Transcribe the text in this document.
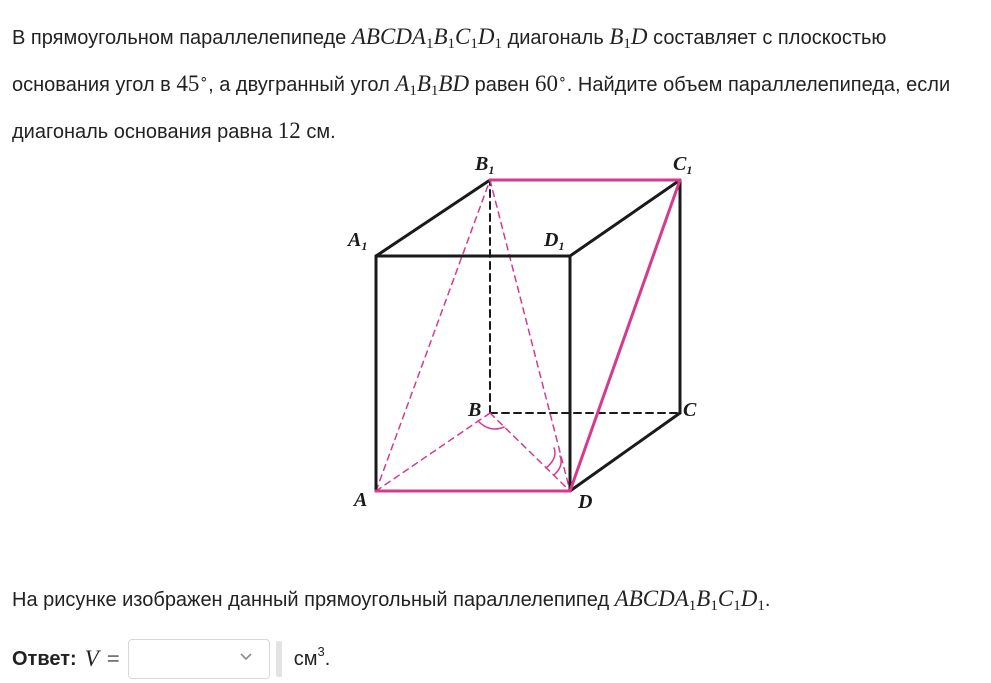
В прямоугольном параллелепипеде $ABCDA_1B_1C_1D_1$ диагональ $B_1D$ составляет с плоскостью основания угол в 45∘, а двугранный угол $A_1B_1BD$ равен 60∘. Найдите объем параллелепипеда, если диагональ основания равна 12 см.
A	D
B	C
$A_1$	$D_1$
$B_1$	$C_1$
На рисунке изображен данный прямоугольный параллелепипед $ABCDA_1B_1C_1D_1$.
Ответ: V =	$см^3$.
